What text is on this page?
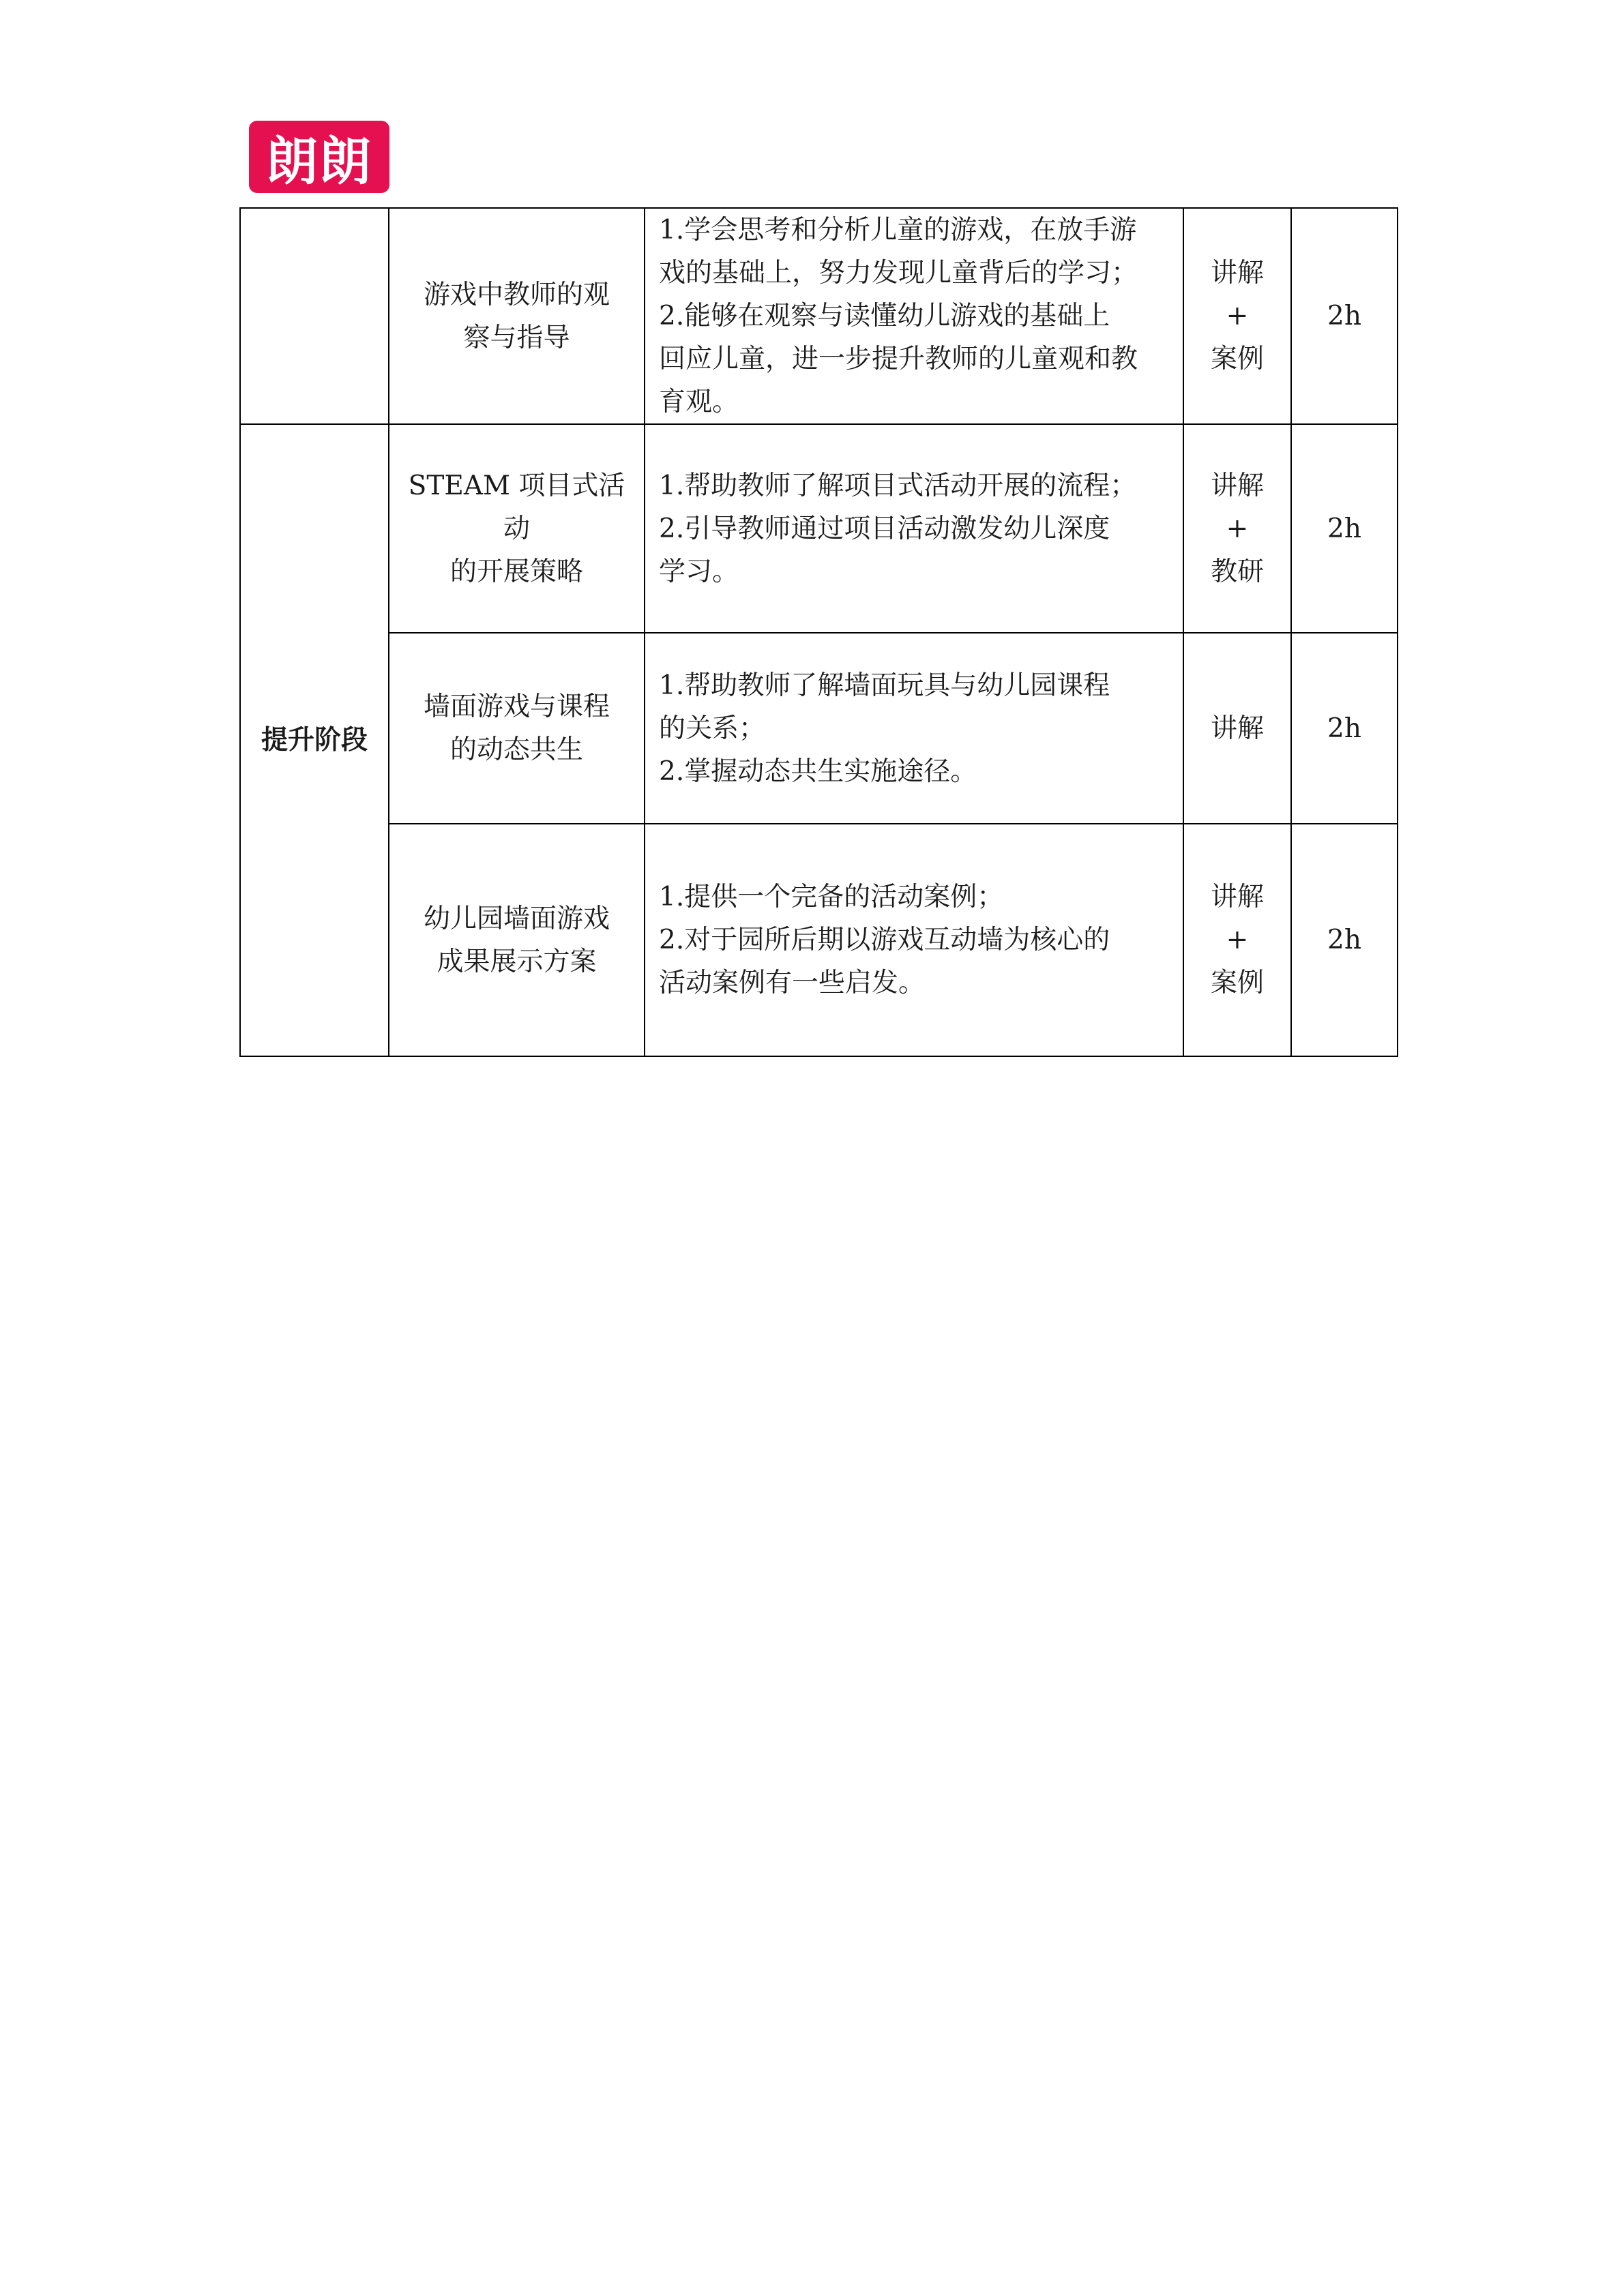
朗朗

	游戏中教师的观
察与指导	1.学会思考和分析儿童的游戏，在放手游
戏的基础上，努力发现儿童背后的学习；
2.能够在观察与读懂幼儿游戏的基础上
回应儿童，进一步提升教师的儿童观和教
育观。	讲解
+
案例	2h
提升阶段	STEAM 项目式活动
的开展策略	1.帮助教师了解项目式活动开展的流程；
2.引导教师通过项目活动激发幼儿深度
学习。	讲解
+
教研	2h

	墙面游戏与课程
的动态共生	1.帮助教师了解墙面玩具与幼儿园课程
的关系；
2.掌握动态共生实施途径。	讲解	2h

	幼儿园墙面游戏
成果展示方案	1.提供一个完备的活动案例；
2.对于园所后期以游戏互动墙为核心的
活动案例有一些启发。	讲解
+
案例	2h
